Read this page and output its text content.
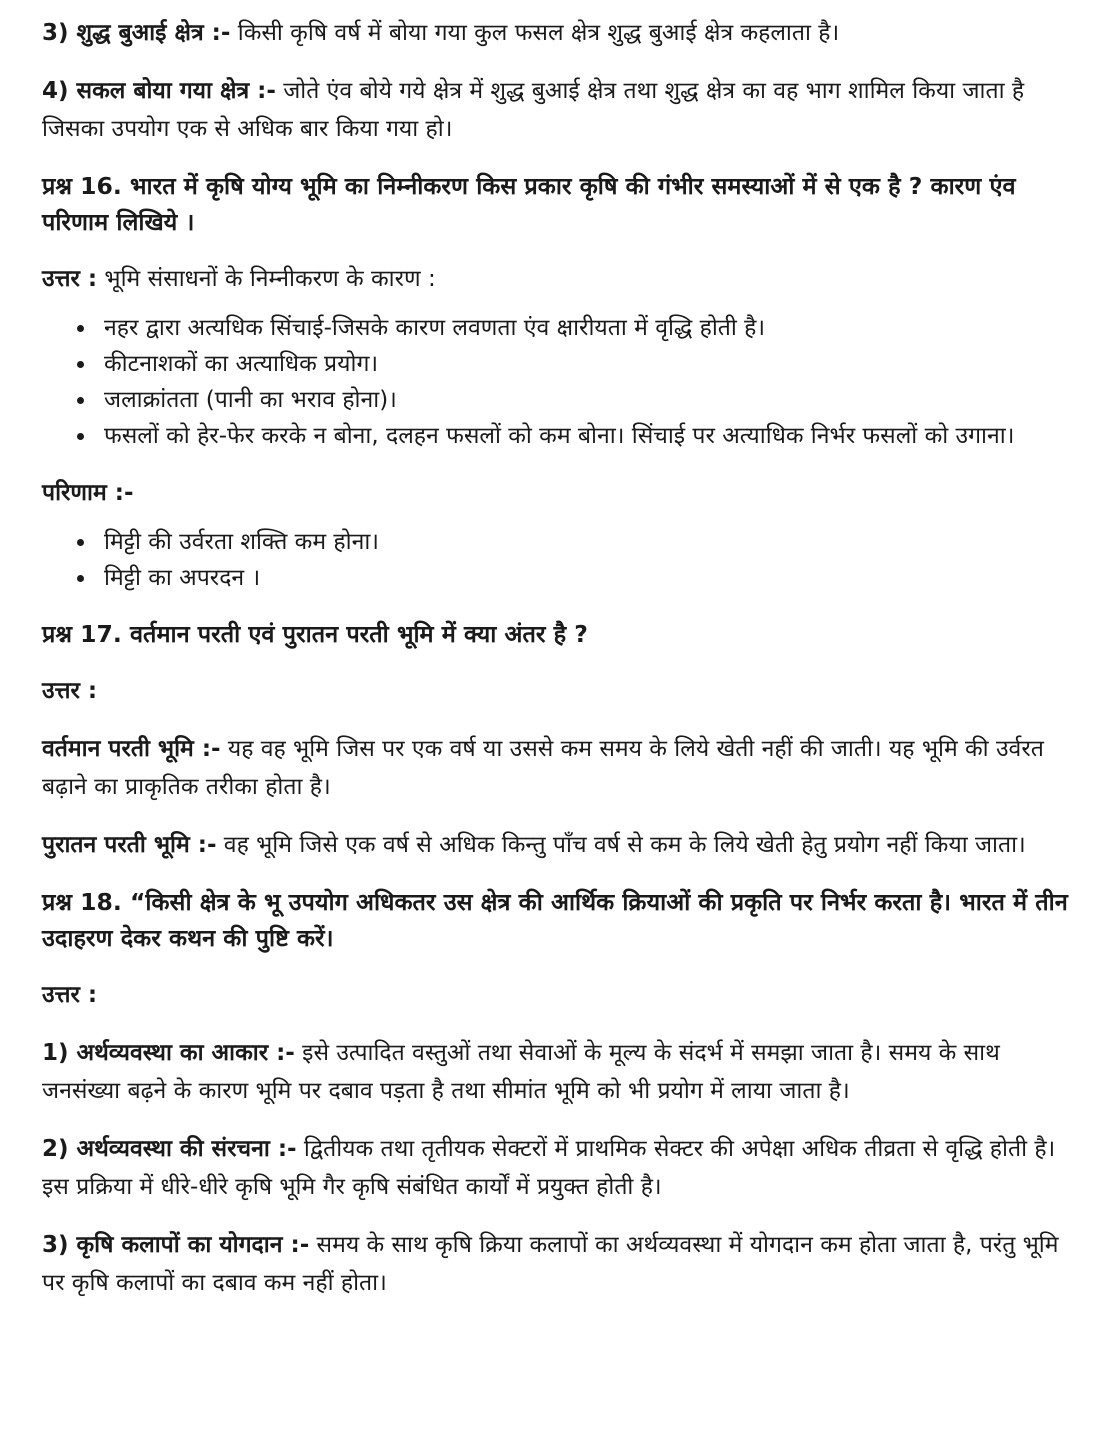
3) शुद्ध बुआई क्षेत्र :- किसी कृषि वर्ष में बोया गया कुल फसल क्षेत्र शुद्ध बुआई क्षेत्र कहलाता है।

4) सकल बोया गया क्षेत्र :- जोते एंव बोये गये क्षेत्र में शुद्ध बुआई क्षेत्र तथा शुद्ध क्षेत्र का वह भाग शामिल किया जाता है जिसका उपयोग एक से अधिक बार किया गया हो।

प्रश्न 16. भारत में कृषि योग्य भूमि का निम्नीकरण किस प्रकार कृषि की गंभीर समस्याओं में से एक है ? कारण एंव परिणाम लिखिये ।

उत्तर : भूमि संसाधनों के निम्नीकरण के कारण :

नहर द्वारा अत्यधिक सिंचाई-जिसके कारण लवणता एंव क्षारीयता में वृद्धि होती है।
कीटनाशकों का अत्याधिक प्रयोग।
जलाक्रांतता (पानी का भराव होना)।
फसलों को हेर-फेर करके न बोना, दलहन फसलों को कम बोना। सिंचाई पर अत्याधिक निर्भर फसलों को उगाना।

परिणाम :-

मिट्टी की उर्वरता शक्ति कम होना।
मिट्टी का अपरदन ।

प्रश्न 17. वर्तमान परती एवं पुरातन परती भूमि में क्या अंतर है ?

उत्तर :

वर्तमान परती भूमि :- यह वह भूमि जिस पर एक वर्ष या उससे कम समय के लिये खेती नहीं की जाती। यह भूमि की उर्वरत बढ़ाने का प्राकृतिक तरीका होता है।

पुरातन परती भूमि :- वह भूमि जिसे एक वर्ष से अधिक किन्तु पाँच वर्ष से कम के लिये खेती हेतु प्रयोग नहीं किया जाता।

प्रश्न 18. “किसी क्षेत्र के भू उपयोग अधिकतर उस क्षेत्र की आर्थिक क्रियाओं की प्रकृति पर निर्भर करता है। भारत में तीन उदाहरण देकर कथन की पुष्टि करें।

उत्तर :

1) अर्थव्यवस्था का आकार :- इसे उत्पादित वस्तुओं तथा सेवाओं के मूल्य के संदर्भ में समझा जाता है। समय के साथ जनसंख्या बढ़ने के कारण भूमि पर दबाव पड़ता है तथा सीमांत भूमि को भी प्रयोग में लाया जाता है।

2) अर्थव्यवस्था की संरचना :- द्वितीयक तथा तृतीयक सेक्टरों में प्राथमिक सेक्टर की अपेक्षा अधिक तीव्रता से वृद्धि होती है। इस प्रक्रिया में धीरे-धीरे कृषि भूमि गैर कृषि संबंधित कार्यों में प्रयुक्त होती है।

3) कृषि कलापों का योगदान :- समय के साथ कृषि क्रिया कलापों का अर्थव्यवस्था में योगदान कम होता जाता है, परंतु भूमि पर कृषि कलापों का दबाव कम नहीं होता।
